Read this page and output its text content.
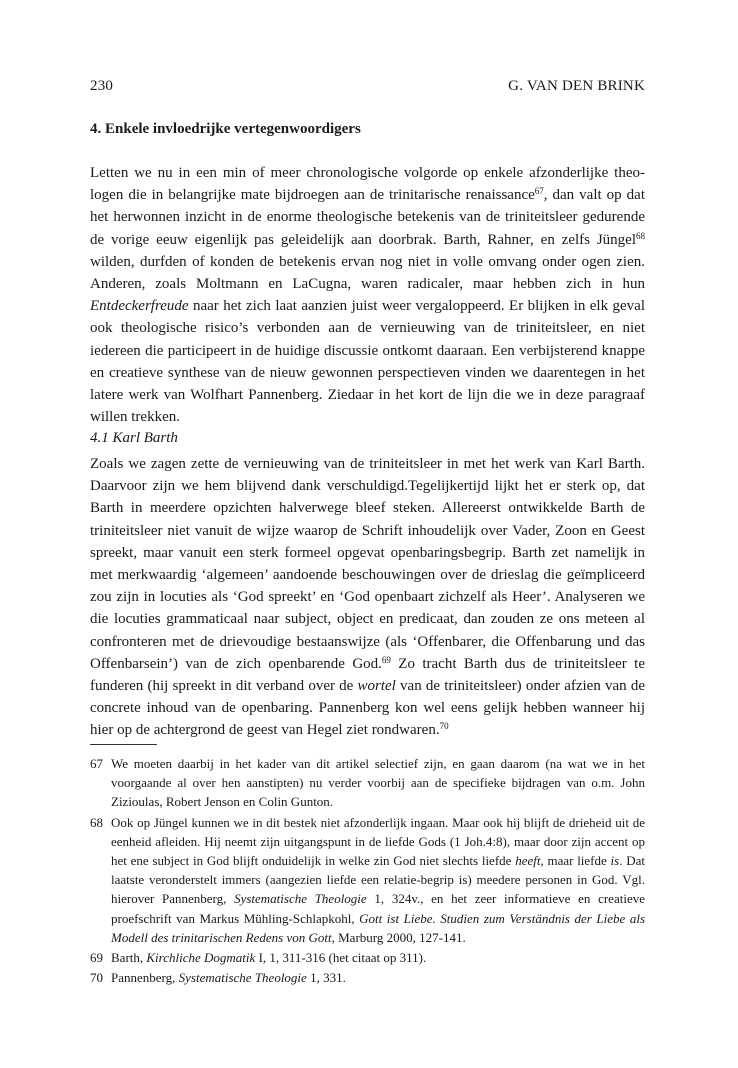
230	G. VAN DEN BRINK
4. Enkele invloedrijke vertegenwoordigers

Letten we nu in een min of meer chronologische volgorde op enkele afzonderlijke theologen die in belangrijke mate bijdroegen aan de trinitarische renaissance$^{67}$, dan valt op dat het herwonnen inzicht in de enorme theologische betekenis van de triniteitsleer gedurende de vorige eeuw eigenlijk pas geleidelijk aan doorbrak. Barth, Rahner, en zelfs Jüngel$^{68}$ wilden, durfden of konden de betekenis ervan nog niet in volle omvang onder ogen zien. Anderen, zoals Moltmann en LaCugna, waren radicaler, maar hebben zich in hun Entdeckerfreude naar het zich laat aanzien juist weer vergaloppeerd. Er blijken in elk geval ook theologische risico’s verbonden aan de vernieuwing van de triniteitsleer, en niet iedereen die participeert in de huidige discussie ontkomt daaraan. Een verbijsterend knappe en creatieve synthese van de nieuw gewonnen perspectieven vinden we daarentegen in het latere werk van Wolfhart Pannenberg. Ziedaar in het kort de lijn die we in deze paragraaf willen trekken.

4.1 Karl Barth

Zoals we zagen zette de vernieuwing van de triniteitsleer in met het werk van Karl Barth. Daarvoor zijn we hem blijvend dank verschuldigd.Tegelijkertijd lijkt het er sterk op, dat Barth in meerdere opzichten halverwege bleef steken. Allereerst ontwikkelde Barth de triniteitsleer niet vanuit de wijze waarop de Schrift inhoudelijk over Vader, Zoon en Geest spreekt, maar vanuit een sterk formeel opgevat openbaringsbegrip. Barth zet namelijk in met merkwaardig ‘algemeen’ aandoende beschouwingen over de drieslag die geïmpliceerd zou zijn in locuties als ‘God spreekt’ en ‘God openbaart zichzelf als Heer’. Analyseren we die locuties grammaticaal naar subject, object en predicaat, dan zouden ze ons meteen al confronteren met de drievoudige bestaanswijze (als ‘Offenbarer, die Offenbarung und das Offenbarsein’) van de zich openbarende God.$^{69}$ Zo tracht Barth dus de triniteitsleer te funderen (hij spreekt in dit verband over de wortel van de triniteitsleer) onder afzien van de concrete inhoud van de openbaring. Pannenberg kon wel eens gelijk hebben wanneer hij hier op de achtergrond de geest van Hegel ziet rondwaren.$^{70}$

67 We moeten daarbij in het kader van dit artikel selectief zijn, en gaan daarom (na wat we in het voorgaande al over hen aanstipten) nu verder voorbij aan de specifieke bijdragen van o.m. John Zizioulas, Robert Jenson en Colin Gunton.
68 Ook op Jüngel kunnen we in dit bestek niet afzonderlijk ingaan. Maar ook hij blijft de drieheid uit de eenheid afleiden. Hij neemt zijn uitgangspunt in de liefde Gods (1 Joh.4:8), maar door zijn accent op het ene subject in God blijft onduidelijk in welke zin God niet slechts liefde heeft, maar liefde is. Dat laatste veronderstelt immers (aangezien liefde een relatie-begrip is) meedere personen in God. Vgl. hierover Pannenberg, Systematische Theologie 1, 324v., en het zeer informatieve en creatieve proefschrift van Markus Mühling-Schlapkohl, Gott ist Liebe. Studien zum Verständnis der Liebe als Modell des trinitarischen Redens von Gott, Marburg 2000, 127-141.
69 Barth, Kirchliche Dogmatik I, 1, 311-316 (het citaat op 311).
70 Pannenberg, Systematische Theologie 1, 331.
